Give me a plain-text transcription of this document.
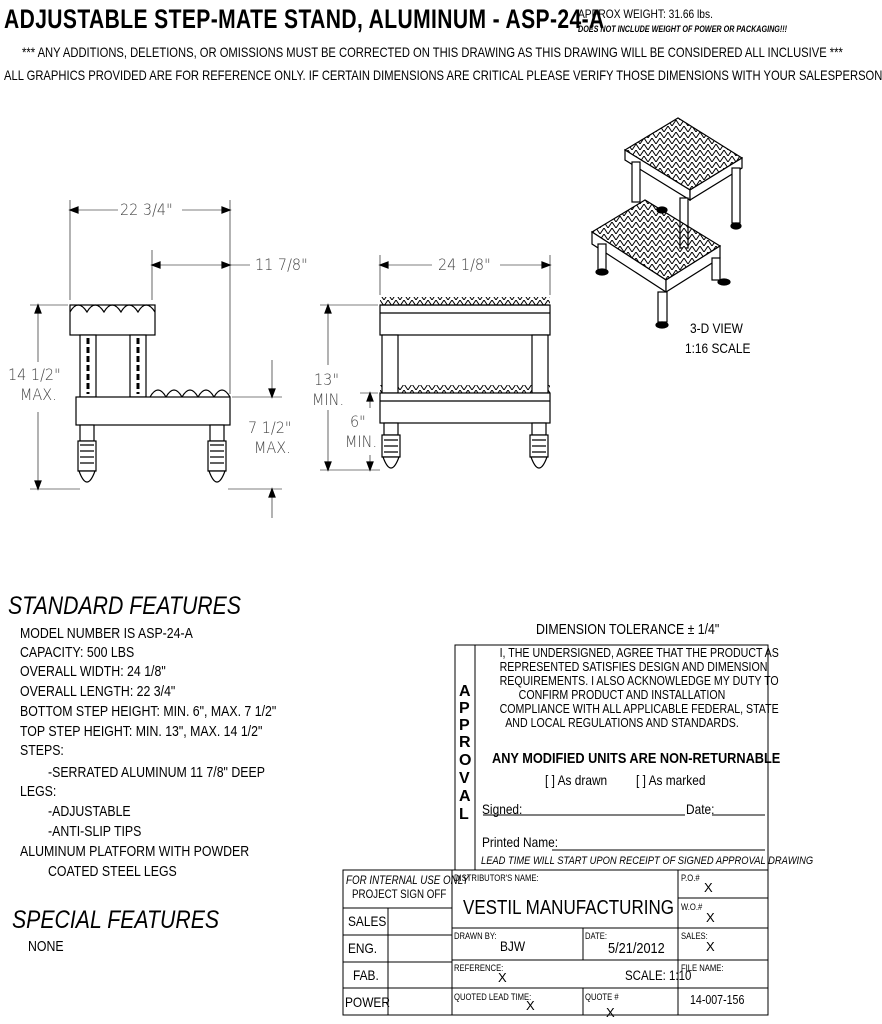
ADJUSTABLE STEP-MATE STAND, ALUMINUM - ASP-24-A
APPROX WEIGHT: 31.66 lbs.
DOES NOT INCLUDE WEIGHT OF POWER OR PACKAGING!!!
*** ANY ADDITIONS, DELETIONS, OR OMISSIONS MUST BE CORRECTED ON THIS DRAWING AS THIS DRAWING WILL BE CONSIDERED ALL INCLUSIVE ***
ALL GRAPHICS PROVIDED ARE FOR REFERENCE ONLY. IF CERTAIN DIMENSIONS ARE CRITICAL PLEASE VERIFY THOSE DIMENSIONS WITH YOUR SALESPERSON
22 3/4"
11 7/8"
14 1/2"
MAX.
7 1/2"
MAX.
24 1/8"
13"
MIN.
6"
MIN.
3-D VIEW
1:16 SCALE
STANDARD FEATURES
MODEL NUMBER IS ASP-24-A
CAPACITY: 500 LBS
OVERALL WIDTH: 24 1/8"
OVERALL LENGTH: 22 3/4"
BOTTOM STEP HEIGHT: MIN. 6", MAX. 7 1/2"
TOP STEP HEIGHT: MIN. 13", MAX. 14 1/2"
STEPS:
-SERRATED ALUMINUM 11 7/8" DEEP
LEGS:
-ADJUSTABLE
-ANTI-SLIP TIPS
ALUMINUM PLATFORM WITH POWDER
COATED STEEL LEGS
SPECIAL FEATURES
NONE
DIMENSION TOLERANCE ± 1/4"
A
P
P
R
O
V
A
L
I, THE UNDERSIGNED, AGREE THAT THE PRODUCT AS
REPRESENTED SATISFIES DESIGN AND DIMENSION
REQUIREMENTS. I ALSO ACKNOWLEDGE MY DUTY TO
CONFIRM PRODUCT AND INSTALLATION
COMPLIANCE WITH ALL APPLICABLE FEDERAL, STATE
AND LOCAL REGULATIONS AND STANDARDS.
ANY MODIFIED UNITS ARE NON-RETURNABLE
[ ] As drawn [ ] As marked
Signed:	Date:
Printed Name:
LEAD TIME WILL START UPON RECEIPT OF SIGNED APPROVAL DRAWING
FOR INTERNAL USE ONLY
PROJECT SIGN OFF
SALES
ENG.
FAB.
POWER
DISTRIBUTOR'S NAME:
VESTIL MANUFACTURING
P.O.#
X
W.O.#
X
DRAWN BY:
BJW
DATE:
5/21/2012
SALES:
X
REFERENCE:
X	SCALE: 1:10
FILE NAME:
QUOTED LEAD TIME:
X
QUOTE #
X
14-007-156
